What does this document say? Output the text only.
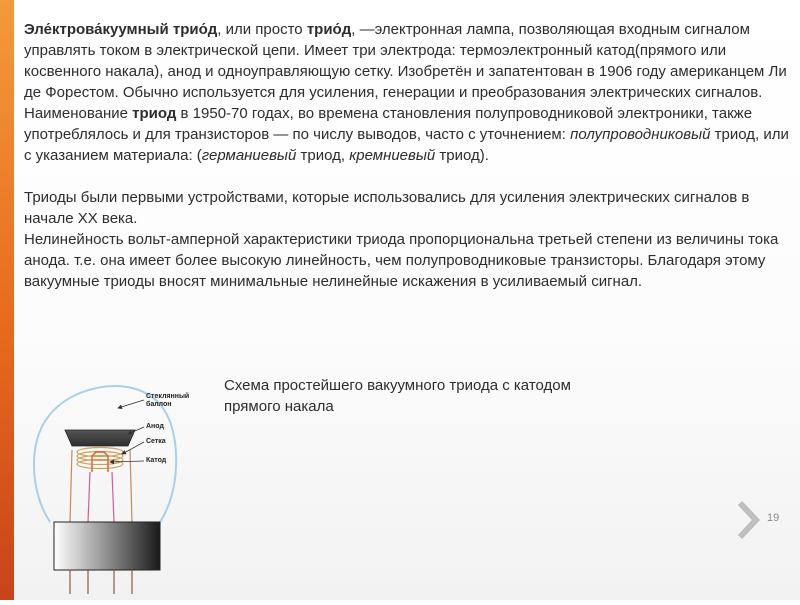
Эле́ктрова́куумный трио́д, или просто трио́д, —электронная лампа, позволяющая входным сигналом управлять током в электрической цепи. Имеет три электрода: термоэлектронный катод(прямого или косвенного накала), анод и одноуправляющую сетку. Изобретён и запатентован в 1906 году американцем Ли де Форестом. Обычно используется для усиления, генерации и преобразования электрических сигналов. Наименование триод в 1950-70 годах, во времена становления полупроводниковой электроники, также употреблялось и для транзисторов — по числу выводов, часто с уточнением: полупроводниковый триод, или с указанием материала: (германиевый триод, кремниевый триод).

Триоды были первыми устройствами, которые использовались для усиления электрических сигналов в начале XX века.
Нелинейность вольт-амперной характеристики триода пропорциональна третьей степени из величины тока анода. т.е. она имеет более высокую линейность, чем полупроводниковые транзисторы. Благодаря этому вакуумные триоды вносят минимальные нелинейные искажения в усиливаемый сигнал.
Стеклянный
баллон
Анод
Сетка
Катод
Схема простейшего вакуумного триода с катодом прямого накала
19
